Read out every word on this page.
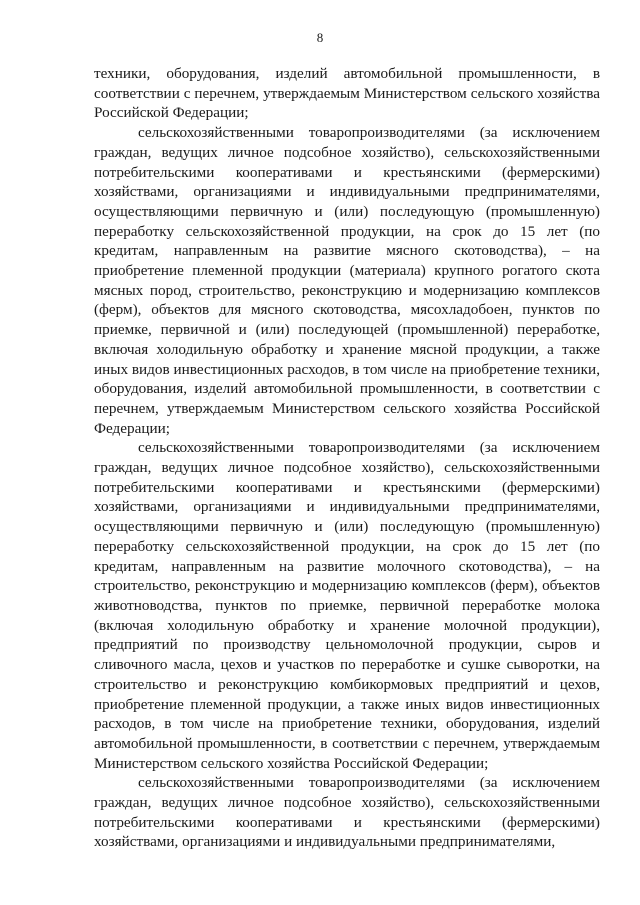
8

техники, оборудования, изделий автомобильной промышленности, в соответствии с перечнем, утверждаемым Министерством сельского хозяйства Российской Федерации;

сельскохозяйственными товаропроизводителями (за исключением граждан, ведущих личное подсобное хозяйство), сельскохозяйственными потребительскими кооперативами и крестьянскими (фермерскими) хозяйствами, организациями и индивидуальными предпринимателями, осуществляющими первичную и (или) последующую (промышленную) переработку сельскохозяйственной продукции, на срок до 15 лет (по кредитам, направленным на развитие мясного скотоводства), – на приобретение племенной продукции (материала) крупного рогатого скота мясных пород, строительство, реконструкцию и модернизацию комплексов (ферм), объектов для мясного скотоводства, мясохладобоен, пунктов по приемке, первичной и (или) последующей (промышленной) переработке, включая холодильную обработку и хранение мясной продукции, а также иных видов инвестиционных расходов, в том числе на приобретение техники, оборудования, изделий автомобильной промышленности, в соответствии с перечнем, утверждаемым Министерством сельского хозяйства Российской Федерации;

сельскохозяйственными товаропроизводителями (за исключением граждан, ведущих личное подсобное хозяйство), сельскохозяйственными потребительскими кооперативами и крестьянскими (фермерскими) хозяйствами, организациями и индивидуальными предпринимателями, осуществляющими первичную и (или) последующую (промышленную) переработку сельскохозяйственной продукции, на срок до 15 лет (по кредитам, направленным на развитие молочного скотоводства), – на строительство, реконструкцию и модернизацию комплексов (ферм), объектов животноводства, пунктов по приемке, первичной переработке молока (включая холодильную обработку и хранение молочной продукции), предприятий по производству цельномолочной продукции, сыров и сливочного масла, цехов и участков по переработке и сушке сыворотки, на строительство и реконструкцию комбикормовых предприятий и цехов, приобретение племенной продукции, а также иных видов инвестиционных расходов, в том числе на приобретение техники, оборудования, изделий автомобильной промышленности, в соответствии с перечнем, утверждаемым Министерством сельского хозяйства Российской Федерации;

сельскохозяйственными товаропроизводителями (за исключением граждан, ведущих личное подсобное хозяйство), сельскохозяйственными потребительскими кооперативами и крестьянскими (фермерскими) хозяйствами, организациями и индивидуальными предпринимателями,
